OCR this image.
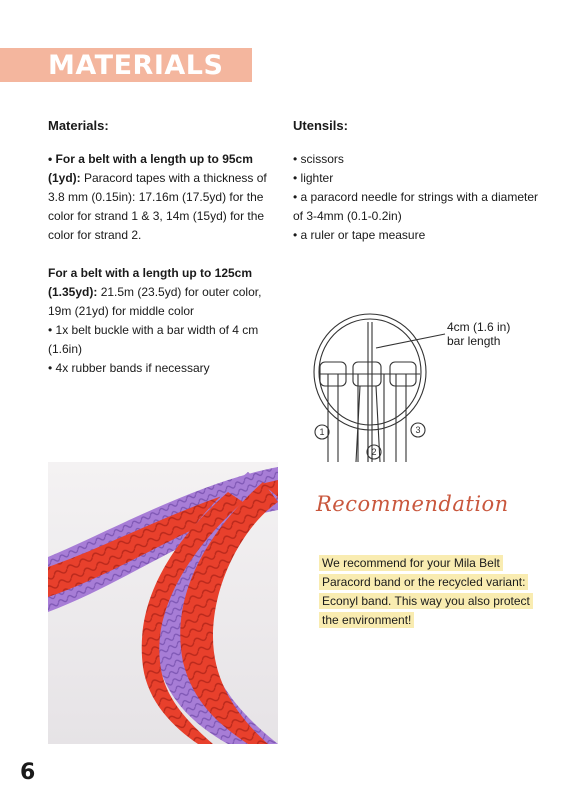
MATERIALS
Materials:	Utensils:

• For a belt with a length up to 95cm (1yd): Paracord tapes with a thickness of 3.8 mm (0.15in): 17.16m (17.5yd) for the color for strand 1 & 3, 14m (15yd) for the color for strand 2.

For a belt with a length up to 125cm (1.35yd): 21.5m (23.5yd) for outer color, 19m (21yd) for middle color

• 1x belt buckle with a bar width of 4 cm (1.6in)

• 4x rubber bands if necessary

• scissors

• lighter

• a paracord needle for strings with a diameter of 3-4mm (0.1-0.2in)

• a ruler or tape measure

1
2
3
4cm (1.6 in)
bar length
Recommendation
We recommend for your Mila Belt Paracord band or the recycled variant: Econyl band. This way you also protect the environment!
6
